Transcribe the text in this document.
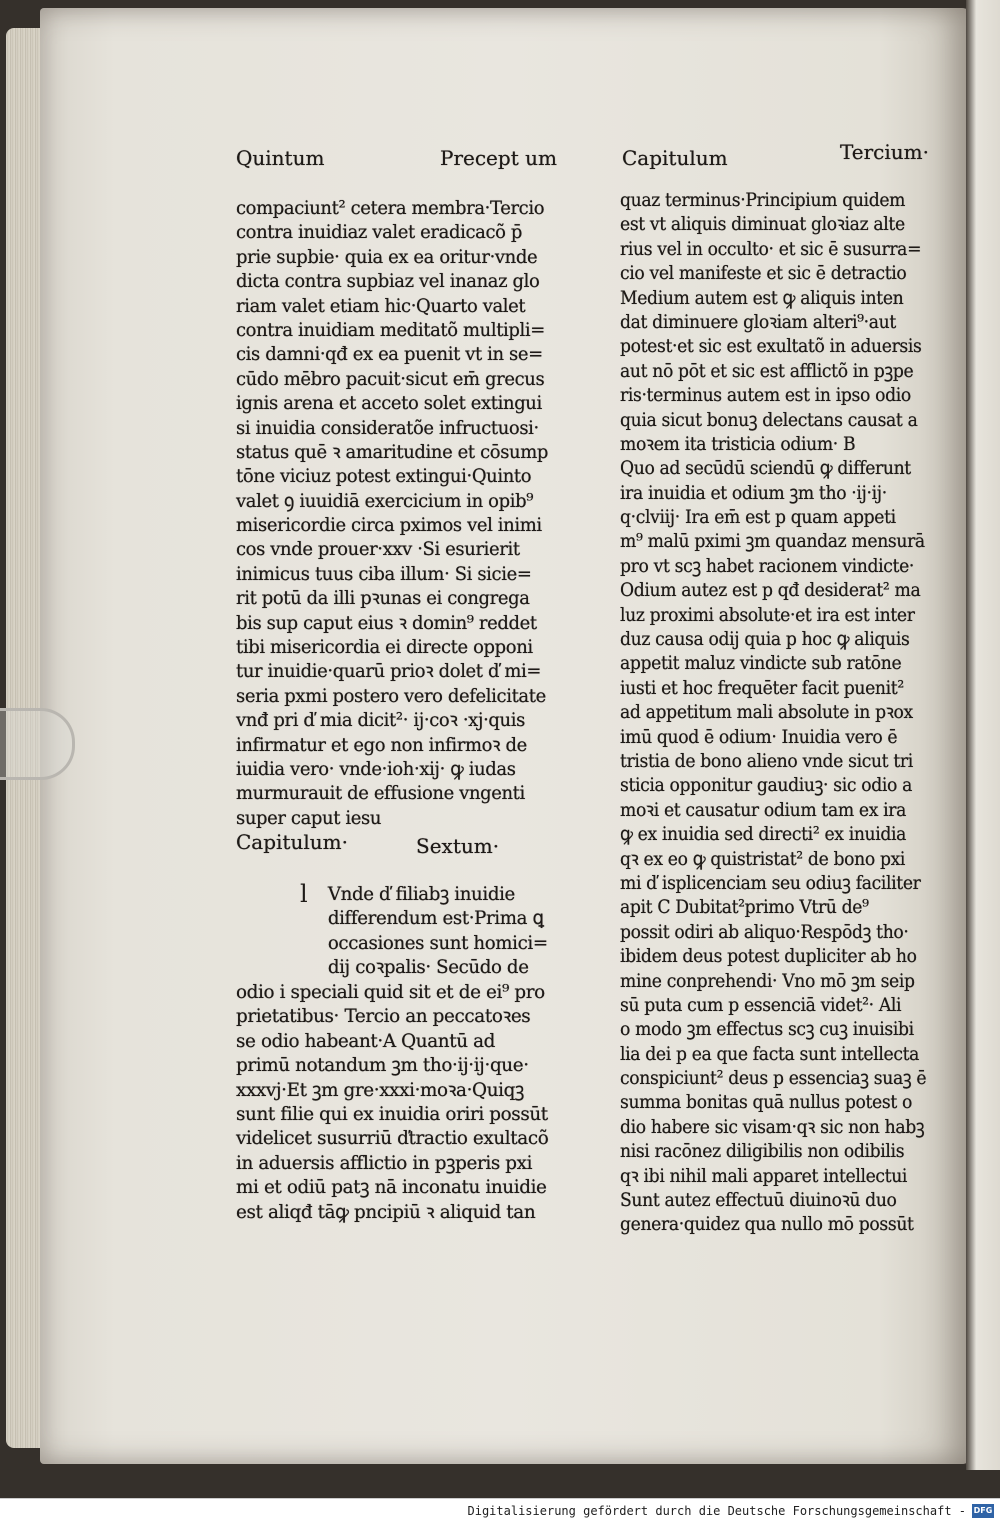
Quintum	Precept um	Capitulum	Tercium·
compaciunt² cetera membra·Tercio
contra inuidiaz valet eradicacõ p̄
prie supbie· quia ex ea oritur·vnde
dicta contra supbiaz vel inanaz glo
riam valet etiam hic·Quarto valet
contra inuidiam meditatõ multipli=
cis damni·qđ ex ea puenit vt in se=
cūdo mēbro pacuit·sicut em̄ grecus
ignis arena et acceto solet extingui
si inuidia consideratõe infructuosi·
status quē ꝛ amaritudine et cōsump
tōne viciuz potest extingui·Quinto
valet ꝯ iuuidiā exercicium in opib⁹
misericordie circa pximos vel inimi
cos vnde prouer·xxv ·Si esurierit
inimicus tuus ciba illum· Si sicie=
rit potū da illi pꝛunas ei congrega
bis sup caput eius ꝛ domin⁹ reddet
tibi misericordia ei directe opponi
tur inuidie·quarū prioꝛ dolet ď mi=
seria pxmi postero vero defelicitate
vnđ pri ď mia dicit²· ij·coꝛ ·xj·quis
infirmatur et ego non infirmoꝛ de
iuidia vero· vnde·ioh·xij· ꝙ iudas
murmurauit de effusione vngenti
super caput iesu
Capitulum·	Sextum·
l	Vnde ď filiabꝫ inuidie
differendum est·Prima ꝗ
occasiones sunt homici=
dij coꝛpalis· Secūdo de
odio i speciali quid sit et de ei⁹ pro
prietatibus· Tercio an peccatoꝛes
se odio habeant·A Quantū ad
primū notandum ꝫm tho·ij·ij·que·
xxxvj·Et ꝫm gre·xxxi·moꝛa·Quiqꝫ
sunt filie qui ex inuidia oriri possūt
videlicet susurriū ďtractio exultacõ
in aduersis afflictio in pꝫperis pxi
mi et odiū patꝫ nā inconatu inuidie
est aliqđ tāꝙ pncipiū ꝛ aliquid tan
quaz terminus·Principium quidem
est vt aliquis diminuat gloꝛiaz alte
rius vel in occulto· et sic ē susurra=
cio vel manifeste et sic ē detractio
Medium autem est ꝙ aliquis inten
dat diminuere gloꝛiam alteri⁹·aut
potest·et sic est exultatõ in aduersis
aut nō pōt et sic est afflictõ in pꝫpe
ris·terminus autem est in ipso odio
quia sicut bonuꝫ delectans causat a
moꝛem ita tristicia odium· B
Quo ad secūdū sciendū ꝙ differunt
ira inuidia et odium ꝫm tho ·ij·ij·
q·clviij· Ira em̄ est p quam appeti
m⁹ malū pximi ꝫm quandaz mensurā
pro vt scꝫ habet racionem vindicte·
Odium autez est p qđ desiderat² ma
luz proximi absolute·et ira est inter
duz causa odij quia p hoc ꝙ aliquis
appetit maluz vindicte sub ratōne
iusti et hoc frequēter facit puenit²
ad appetitum mali absolute in pꝛox
imū quod ē odium· Inuidia vero ē
tristia de bono alieno vnde sicut tri
sticia opponitur gaudiuꝫ· sic odio a
moꝛi et causatur odium tam ex ira
ꝙ ex inuidia sed directi² ex inuidia
qꝛ ex eo ꝙ quistristat² de bono pxi
mi ď isplicenciam seu odiuꝫ faciliter
apit C Dubitat²primo Vtrū de⁹
possit odiri ab aliquo·Respōdꝫ tho·
ibidem deus potest dupliciter ab ho
mine conprehendi· Vno mō ꝫm seip
sū puta cum p essenciā videt²· Ali
o modo ꝫm effectus scꝫ cuꝫ inuisibi
lia dei p ea que facta sunt intellecta
conspiciunt² deus p essenciaꝫ suaꝫ ē
summa bonitas quā nullus potest o
dio habere sic visam·qꝛ sic non habꝫ
nisi racōnez diligibilis non odibilis
qꝛ ibi nihil mali apparet intellectui
Sunt autez effectuū diuinoꝛū duo
genera·quidez qua nullo mō possūt
Digitalisierung gefördert durch die Deutsche Forschungsgemeinschaft - DFG
